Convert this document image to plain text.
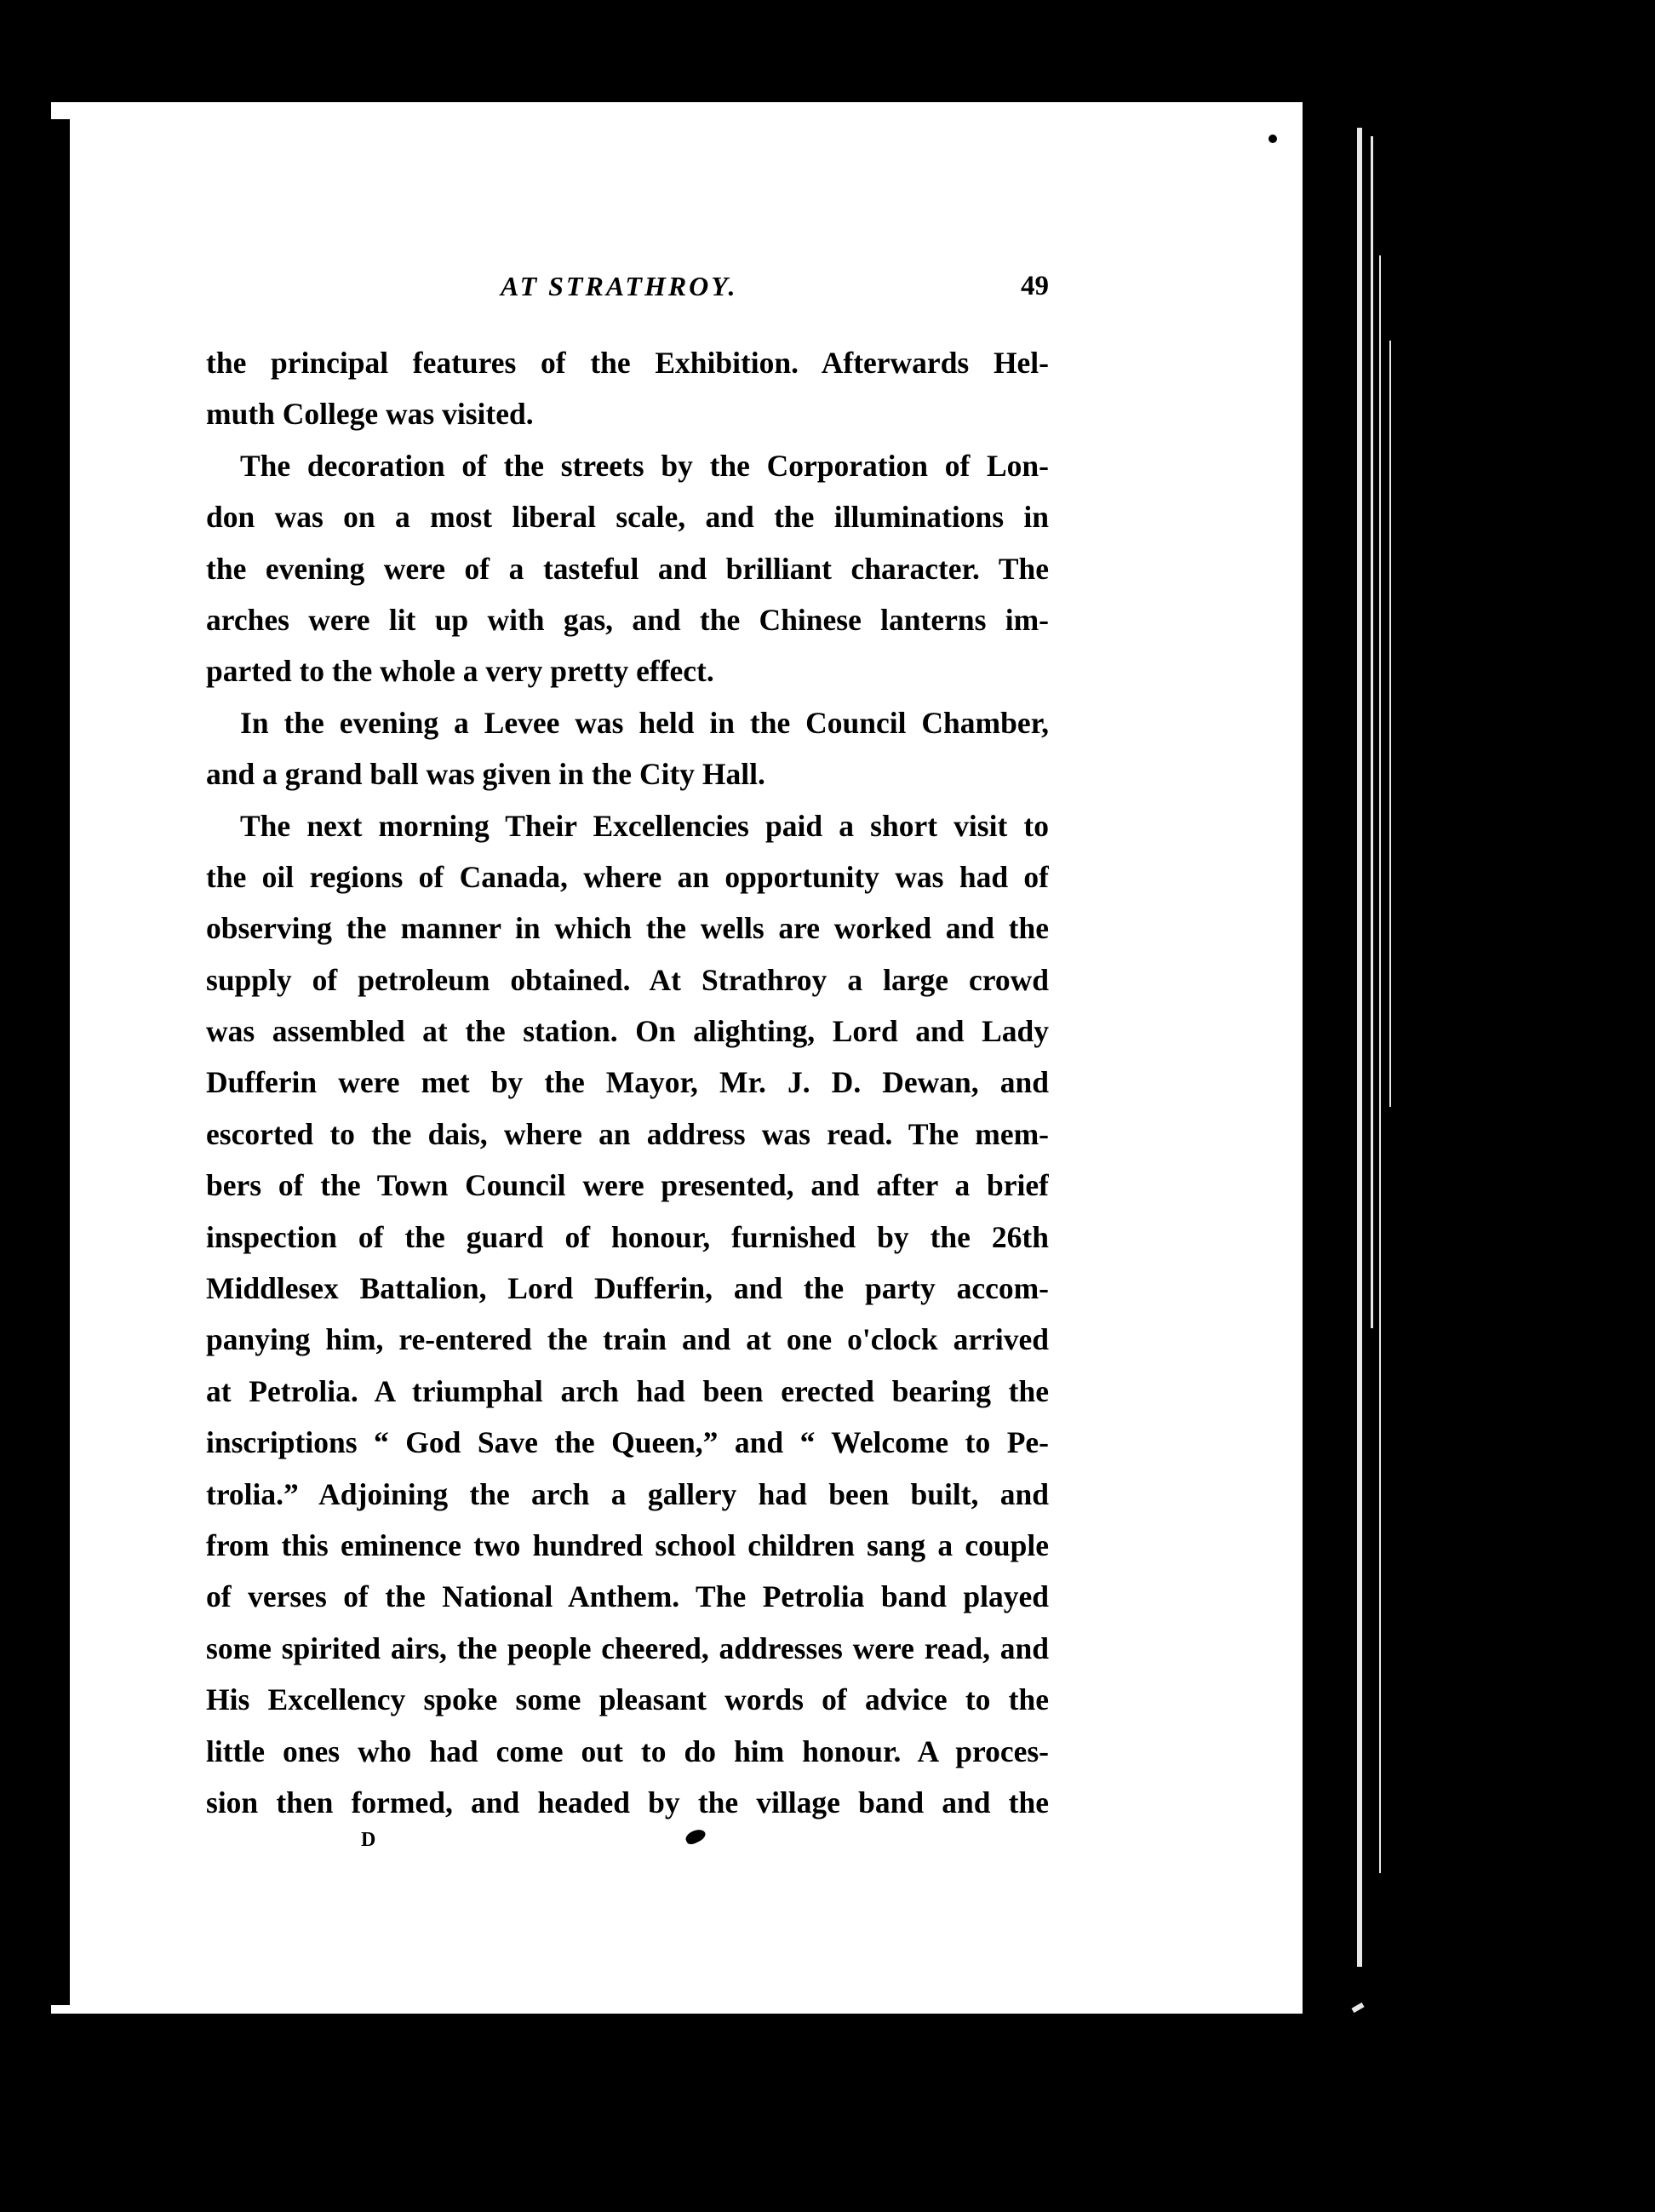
AT STRATHROY.	49
the principal features of the Exhibition. Afterwards Hel-
muth College was visited.
The decoration of the streets by the Corporation of Lon-
don was on a most liberal scale, and the illuminations in
the evening were of a tasteful and brilliant character. The
arches were lit up with gas, and the Chinese lanterns im-
parted to the whole a very pretty effect.
In the evening a Levee was held in the Council Chamber,
and a grand ball was given in the City Hall.
The next morning Their Excellencies paid a short visit to
the oil regions of Canada, where an opportunity was had of
observing the manner in which the wells are worked and the
supply of petroleum obtained. At Strathroy a large crowd
was assembled at the station. On alighting, Lord and Lady
Dufferin were met by the Mayor, Mr. J. D. Dewan, and
escorted to the dais, where an address was read. The mem-
bers of the Town Council were presented, and after a brief
inspection of the guard of honour, furnished by the 26th
Middlesex Battalion, Lord Dufferin, and the party accom-
panying him, re-entered the train and at one o'clock arrived
at Petrolia. A triumphal arch had been erected bearing the
inscriptions “ God Save the Queen,” and “ Welcome to Pe-
trolia.” Adjoining the arch a gallery had been built, and
from this eminence two hundred school children sang a couple
of verses of the National Anthem. The Petrolia band played
some spirited airs, the people cheered, addresses were read, and
His Excellency spoke some pleasant words of advice to the
little ones who had come out to do him honour. A proces-
sion then formed, and headed by the village band and the
D
